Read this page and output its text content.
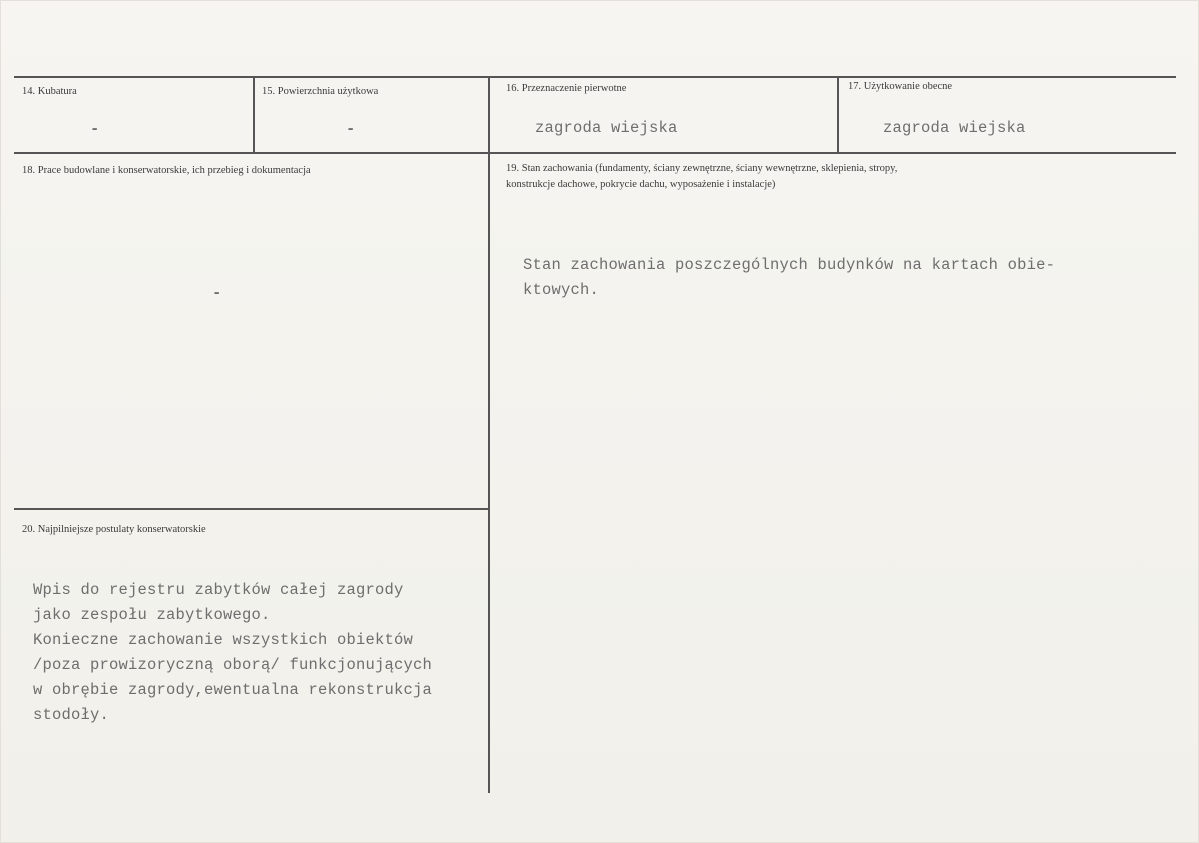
14. Kubatura
-
15. Powierzchnia użytkowa
-
16. Przeznaczenie pierwotne
zagroda wiejska
17. Użytkowanie obecne
zagroda wiejska
18. Prace budowlane i konserwatorskie, ich przebieg i dokumentacja
-
19. Stan zachowania (fundamenty, ściany zewnętrzne, ściany wewnętrzne, sklepienia, stropy,
konstrukcje dachowe, pokrycie dachu, wyposażenie i instalacje)
Stan zachowania poszczególnych budynków na kartach obie-
ktowych.
20. Najpilniejsze postulaty konserwatorskie
Wpis do rejestru zabytków całej zagrody
jako zespołu zabytkowego.
Konieczne zachowanie wszystkich obiektów
/poza prowizoryczną oborą/ funkcjonujących
w obrębie zagrody,ewentualna rekonstrukcja
stodoły.
